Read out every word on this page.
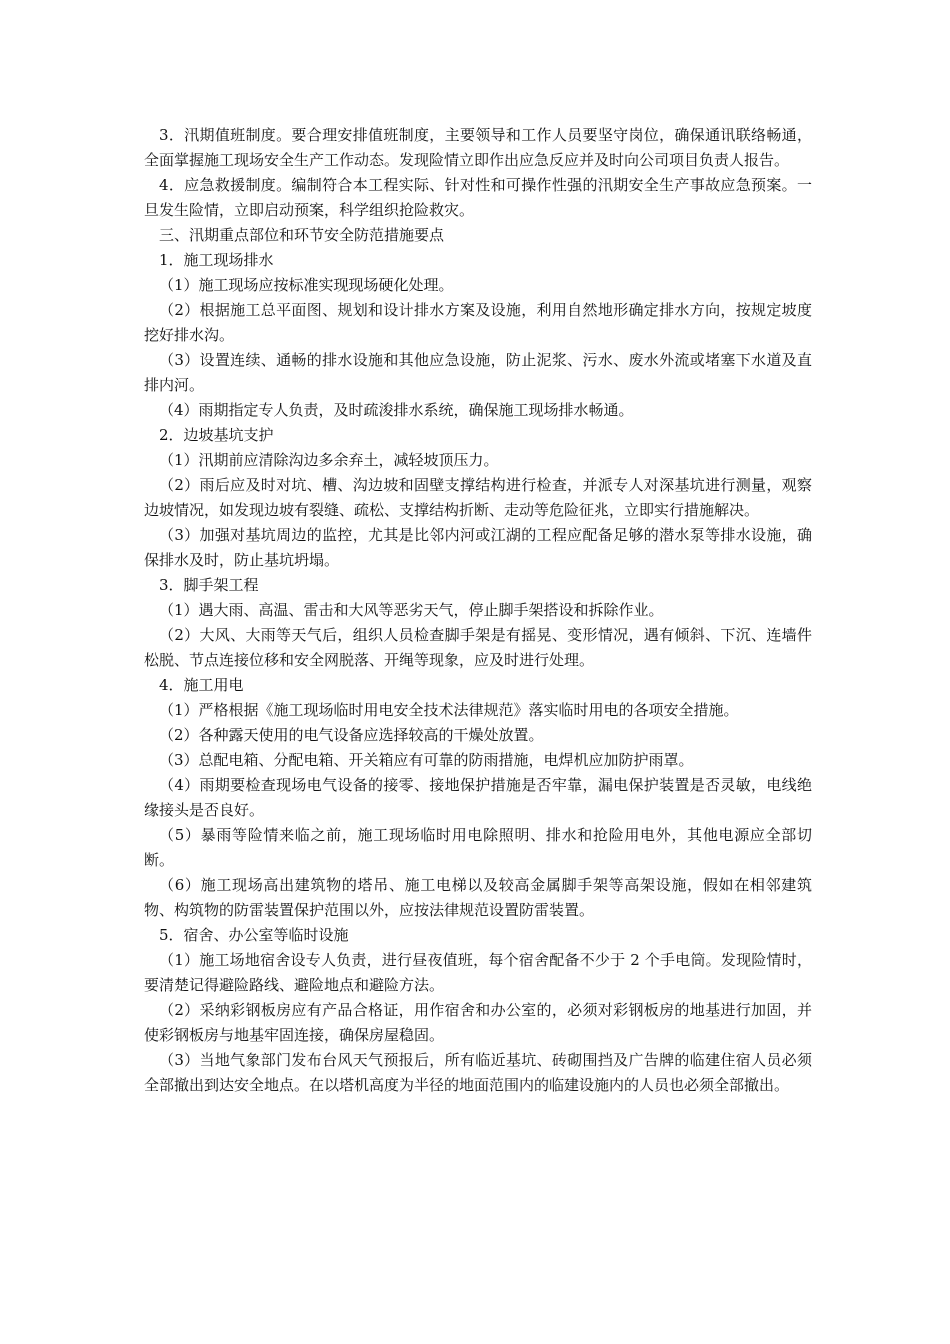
3．汛期值班制度。要合理安排值班制度，主要领导和工作人员要坚守岗位，确保通讯联络畅通，全面掌握施工现场安全生产工作动态。发现险情立即作出应急反应并及时向公司项目负责人报告。

4．应急救援制度。编制符合本工程实际、针对性和可操作性强的汛期安全生产事故应急预案。一旦发生险情，立即启动预案，科学组织抢险救灾。

三、汛期重点部位和环节安全防范措施要点

1．施工现场排水

（1）施工现场应按标准实现现场硬化处理。

（2）根据施工总平面图、规划和设计排水方案及设施，利用自然地形确定排水方向，按规定坡度挖好排水沟。

（3）设置连续、通畅的排水设施和其他应急设施，防止泥浆、污水、废水外流或堵塞下水道及直排内河。

（4）雨期指定专人负责，及时疏浚排水系统，确保施工现场排水畅通。

2．边坡基坑支护

（1）汛期前应清除沟边多余弃土，减轻坡顶压力。

（2）雨后应及时对坑、槽、沟边坡和固壁支撑结构进行检查，并派专人对深基坑进行测量，观察边坡情况，如发现边坡有裂缝、疏松、支撑结构折断、走动等危险征兆，立即实行措施解决。

（3）加强对基坑周边的监控，尤其是比邻内河或江湖的工程应配备足够的潜水泵等排水设施，确保排水及时，防止基坑坍塌。

3．脚手架工程

（1）遇大雨、高温、雷击和大风等恶劣天气，停止脚手架搭设和拆除作业。

（2）大风、大雨等天气后，组织人员检查脚手架是有摇晃、变形情况，遇有倾斜、下沉、连墙件松脱、节点连接位移和安全网脱落、开绳等现象，应及时进行处理。

4．施工用电

（1）严格根据《施工现场临时用电安全技术法律规范》落实临时用电的各项安全措施。

（2）各种露天使用的电气设备应选择较高的干燥处放置。

（3）总配电箱、分配电箱、开关箱应有可靠的防雨措施，电焊机应加防护雨罩。

（4）雨期要检查现场电气设备的接零、接地保护措施是否牢靠，漏电保护装置是否灵敏，电线绝缘接头是否良好。

（5）暴雨等险情来临之前，施工现场临时用电除照明、排水和抢险用电外，其他电源应全部切断。

（6）施工现场高出建筑物的塔吊、施工电梯以及较高金属脚手架等高架设施，假如在相邻建筑物、构筑物的防雷装置保护范围以外，应按法律规范设置防雷装置。

5．宿舍、办公室等临时设施

（1）施工场地宿舍设专人负责，进行昼夜值班，每个宿舍配备不少于 2 个手电筒。发现险情时，要清楚记得避险路线、避险地点和避险方法。

（2）采纳彩钢板房应有产品合格证，用作宿舍和办公室的，必须对彩钢板房的地基进行加固，并使彩钢板房与地基牢固连接，确保房屋稳固。

（3）当地气象部门发布台风天气预报后，所有临近基坑、砖砌围挡及广告牌的临建住宿人员必须全部撤出到达安全地点。在以塔机高度为半径的地面范围内的临建设施内的人员也必须全部撤出。
